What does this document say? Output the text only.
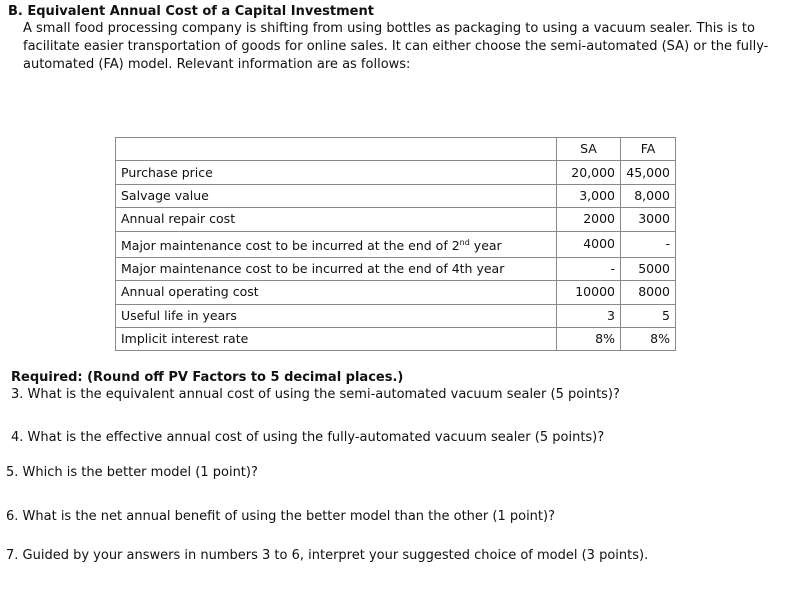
B. Equivalent Annual Cost of a Capital Investment
A small food processing company is shifting from using bottles as packaging to using a vacuum sealer. This is to facilitate easier transportation of goods for online sales. It can either choose the semi-automated (SA) or the fully-automated (FA) model. Relevant information are as follows:
	SA	FA
Purchase price	20,000	45,000
Salvage value	3,000	8,000
Annual repair cost	2000	3000
Major maintenance cost to be incurred at the end of 2nd year	4000	-
Major maintenance cost to be incurred at the end of 4th year	-	5000
Annual operating cost	10000	8000
Useful life in years	3	5
Implicit interest rate	8%	8%
Required: (Round off PV Factors to 5 decimal places.)
3. What is the equivalent annual cost of using the semi-automated vacuum sealer (5 points)?
4. What is the effective annual cost of using the fully-automated vacuum sealer (5 points)?
5. Which is the better model (1 point)?
6. What is the net annual benefit of using the better model than the other (1 point)?
7. Guided by your answers in numbers 3 to 6, interpret your suggested choice of model (3 points).
